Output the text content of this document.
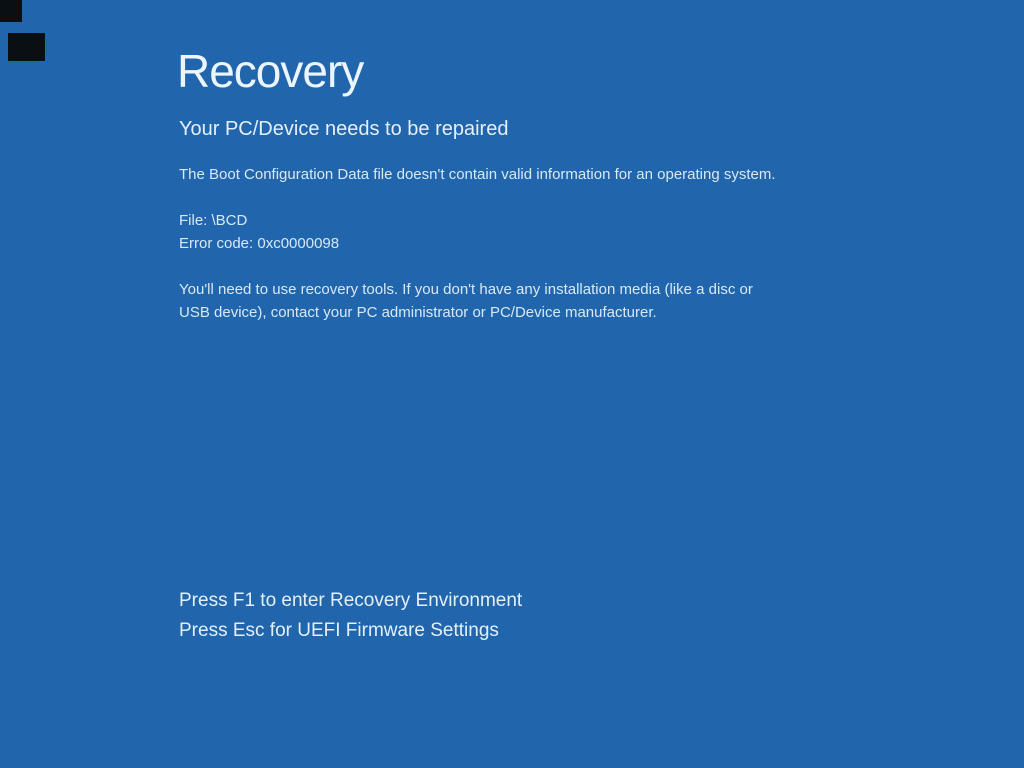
Recovery
Your PC/Device needs to be repaired
The Boot Configuration Data file doesn't contain valid information for an operating system.
File: \BCD
Error code: 0xc0000098
You'll need to use recovery tools. If you don't have any installation media (like a disc or USB device), contact your PC administrator or PC/Device manufacturer.
Press F1 to enter Recovery Environment
Press Esc for UEFI Firmware Settings
